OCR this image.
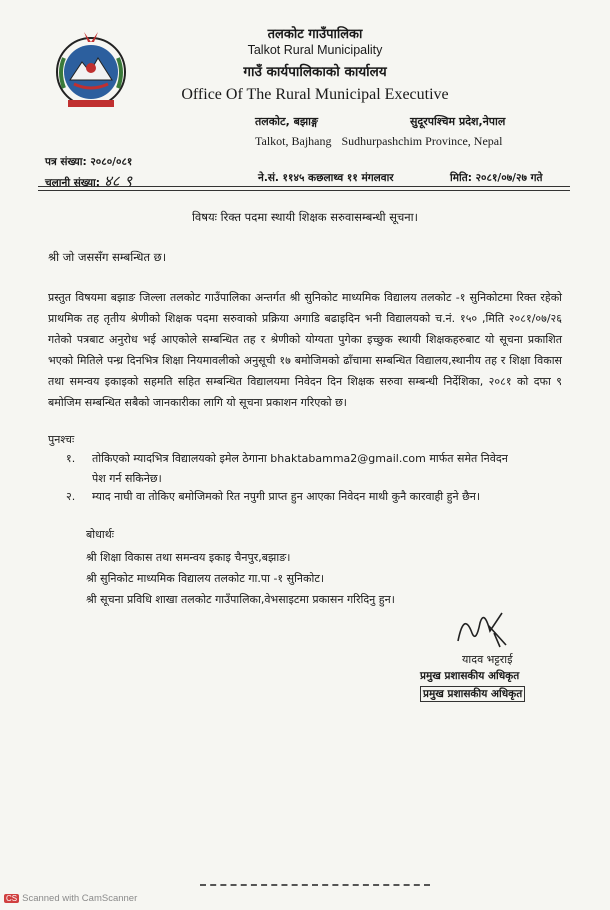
तलकोट गाउँपालिका
Talkot Rural Municipality
गाउँ कार्यपालिकाको कार्यालय
Office Of The Rural Municipal Executive
तलकोट, बझाङ्ग	सुदूरपश्चिम प्रदेश,नेपाल
Talkot, Bajhang Sudhurpashchim Province, Nepal
पत्र संख्या: २०८०/०८१
चलानी संख्या: ४८ ९	ने.सं. ११४५ कछलाथ्व ११ मंगलवार	मिति: २०८१/०७/२७ गते
विषयः रिक्त पदमा स्थायी शिक्षक सरुवासम्बन्धी सूचना।
श्री जो जससँग सम्बन्धित छ।

प्रस्तुत विषयमा बझाङ जिल्ला तलकोट गाउँपालिका अन्तर्गत श्री सुनिकोट माध्यमिक विद्यालय तलकोट -१ सुनिकोटमा रिक्त रहेको प्राथमिक तह तृतीय श्रेणीको शिक्षक पदमा सरुवाको प्रक्रिया अगाडि बढाइदिन भनी विद्यालयको च.नं. १५० ,मिति २०८१/०७/२६ गतेको पत्रबाट अनुरोध भई आएकोले सम्बन्धित तह र श्रेणीको योग्यता पुगेका इच्छुक स्थायी शिक्षकहरुबाट यो सूचना प्रकाशित भएको मितिले पन्ध्र दिनभित्र शिक्षा नियमावलीको अनुसूची १७ बमोजिमको ढाँचामा सम्बन्धित विद्यालय,स्थानीय तह र शिक्षा विकास तथा समन्वय इकाइको सहमति सहित सम्बन्धित विद्यालयमा निवेदन दिन शिक्षक सरुवा सम्बन्धी निर्देशिका, २०८१ को दफा ९ बमोजिम सम्बन्धित सबैको जानकारीका लागि यो सूचना प्रकाशन गरिएको छ।

पुनश्चः
१. तोकिएको म्यादभित्र विद्यालयको इमेल ठेगाना bhaktabamma2@gmail.com मार्फत समेत निवेदन पेश गर्न सकिनेछ।
२. म्याद नाघी वा तोकिए बमोजिमको रित नपुगी प्राप्त हुन आएका निवेदन माथी कुनै कारवाही हुने छैन।
बोधार्थः
श्री शिक्षा विकास तथा समन्वय इकाइ चैनपुर,बझाङ।
श्री सुनिकोट माध्यमिक विद्यालय तलकोट गा.पा -१ सुनिकोट।
श्री सूचना प्रविधि शाखा तलकोट गाउँपालिका,वेभसाइटमा प्रकासन गरिदिनु हुन।
यादव भट्टराई
प्रमुख प्रशासकीय अधिकृत
प्रमुख प्रशासकीय अधिकृत
CS Scanned with CamScanner
